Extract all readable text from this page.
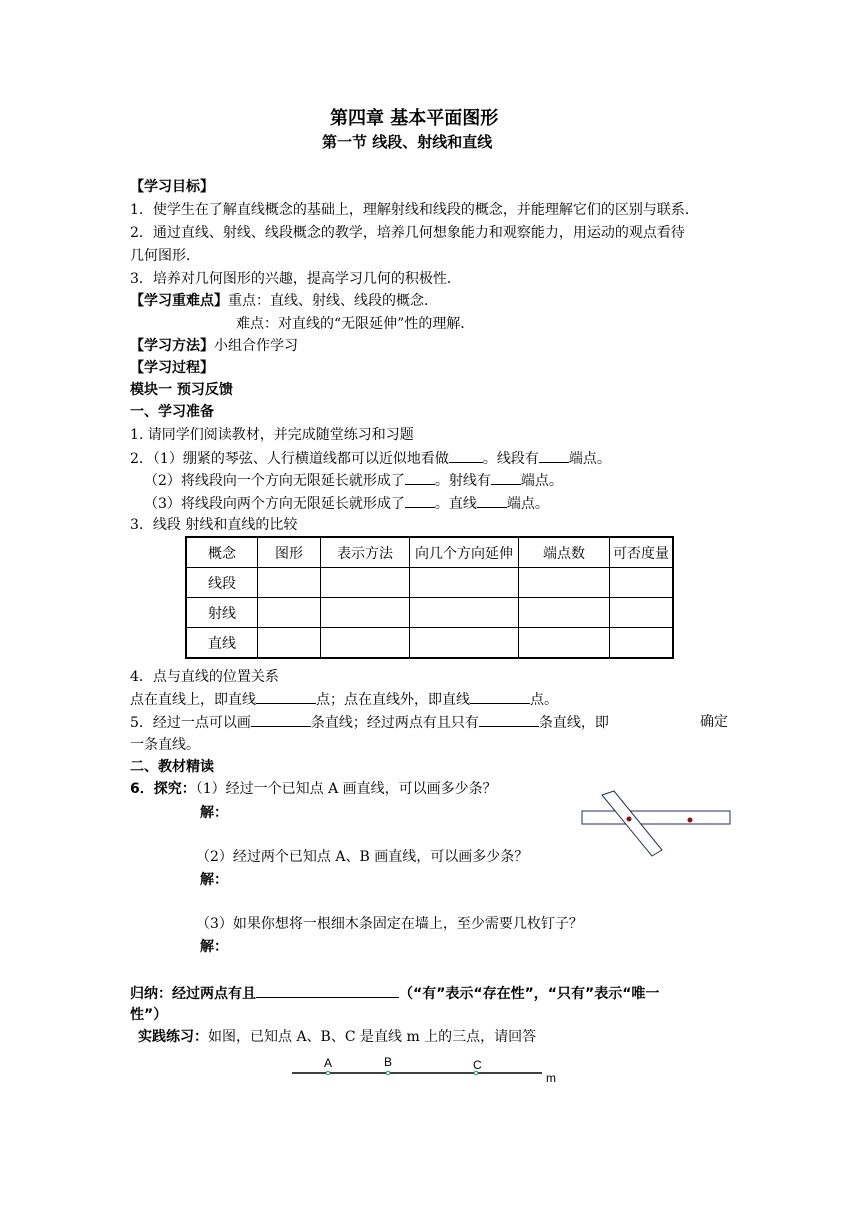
第四章 基本平面图形
第一节 线段、射线和直线
【学习目标】
1．使学生在了解直线概念的基础上，理解射线和线段的概念，并能理解它们的区别与联系．
2．通过直线、射线、线段概念的教学，培养几何想象能力和观察能力，用运动的观点看待
几何图形．
3．培养对几何图形的兴趣，提高学习几何的积极性．
【学习重难点】重点：直线、射线、线段的概念．
难点：对直线的“无限延伸”性的理解．
【学习方法】小组合作学习
【学习过程】
模块一 预习反馈
一、学习准备
1. 请同学们阅读教材，并完成随堂练习和习题
2．（1）绷紧的琴弦、人行横道线都可以近似地看做 。线段有 端点。
（2）将线段向一个方向无限延长就形成了 。射线有 端点。
（3）将线段向两个方向无限延长就形成了 。直线 端点。
3．线段 射线和直线的比较
概念	图形	表示方法	向几个方向延伸	端点数	可否度量
线段					
射线					
直线					
4．点与直线的位置关系
点在直线上，即直线	点；点在直线外，即直线	点。
5．经过一点可以画	条直线；经过两点有且只有	条直线，即	确定
一条直线。
二、教材精读
6．探究：（1）经过一个已知点 A 画直线，可以画多少条？
解：
（2）经过两个已知点 A、B 画直线，可以画多少条？
解：
（3）如果你想将一根细木条固定在墙上，至少需要几枚钉子？
解：
归纳：经过两点有且	（“有”表示“存在性”，“只有”表示“唯一
性”）
实践练习：如图，已知点 A、B、C 是直线 m 上的三点，请回答
A	B	C
m
